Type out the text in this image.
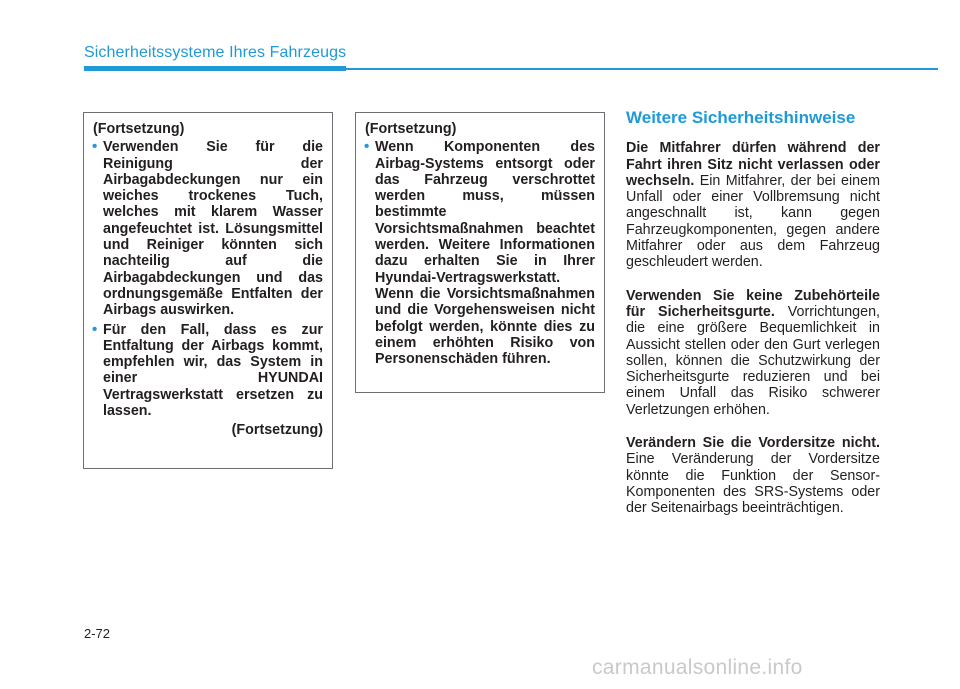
Sicherheitssysteme Ihres Fahrzeugs
(Fortsetzung)
• Verwenden Sie für die Reinigung der Airbagabdeckungen nur ein weiches trockenes Tuch, welches mit klarem Wasser angefeuchtet ist. Lösungsmittel und Reiniger könnten sich nachteilig auf die Airbagabdeckungen und das ordnungsgemäße Entfalten der Airbags auswirken.
• Für den Fall, dass es zur Entfaltung der Airbags kommt, empfehlen wir, das System in einer HYUNDAI Vertragswerkstatt ersetzen zu lassen.
(Fortsetzung)
(Fortsetzung)
• Wenn Komponenten des Airbag-Systems entsorgt oder das Fahrzeug verschrottet werden muss, müssen bestimmte Vorsichtsmaßnahmen beachtet werden. Weitere Informationen dazu erhalten Sie in Ihrer Hyundai-Vertragswerkstatt. Wenn die Vorsichtsmaßnahmen und die Vorgehensweisen nicht befolgt werden, könnte dies zu einem erhöhten Risiko von Personenschäden führen.
Weitere Sicherheitshinweise

Die Mitfahrer dürfen während der Fahrt ihren Sitz nicht verlassen oder wechseln. Ein Mitfahrer, der bei einem Unfall oder einer Vollbremsung nicht angeschnallt ist, kann gegen Fahrzeugkomponenten, gegen andere Mitfahrer oder aus dem Fahrzeug geschleudert werden.

Verwenden Sie keine Zubehörteile für Sicherheitsgurte. Vorrichtungen, die eine größere Bequemlichkeit in Aussicht stellen oder den Gurt verlegen sollen, können die Schutzwirkung der Sicherheitsgurte reduzieren und bei einem Unfall das Risiko schwerer Verletzungen erhöhen.

Verändern Sie die Vordersitze nicht. Eine Veränderung der Vordersitze könnte die Funktion der Sensor-Komponenten des SRS-Systems oder der Seitenairbags beeinträchtigen.

2-72
carmanualsonline.info
